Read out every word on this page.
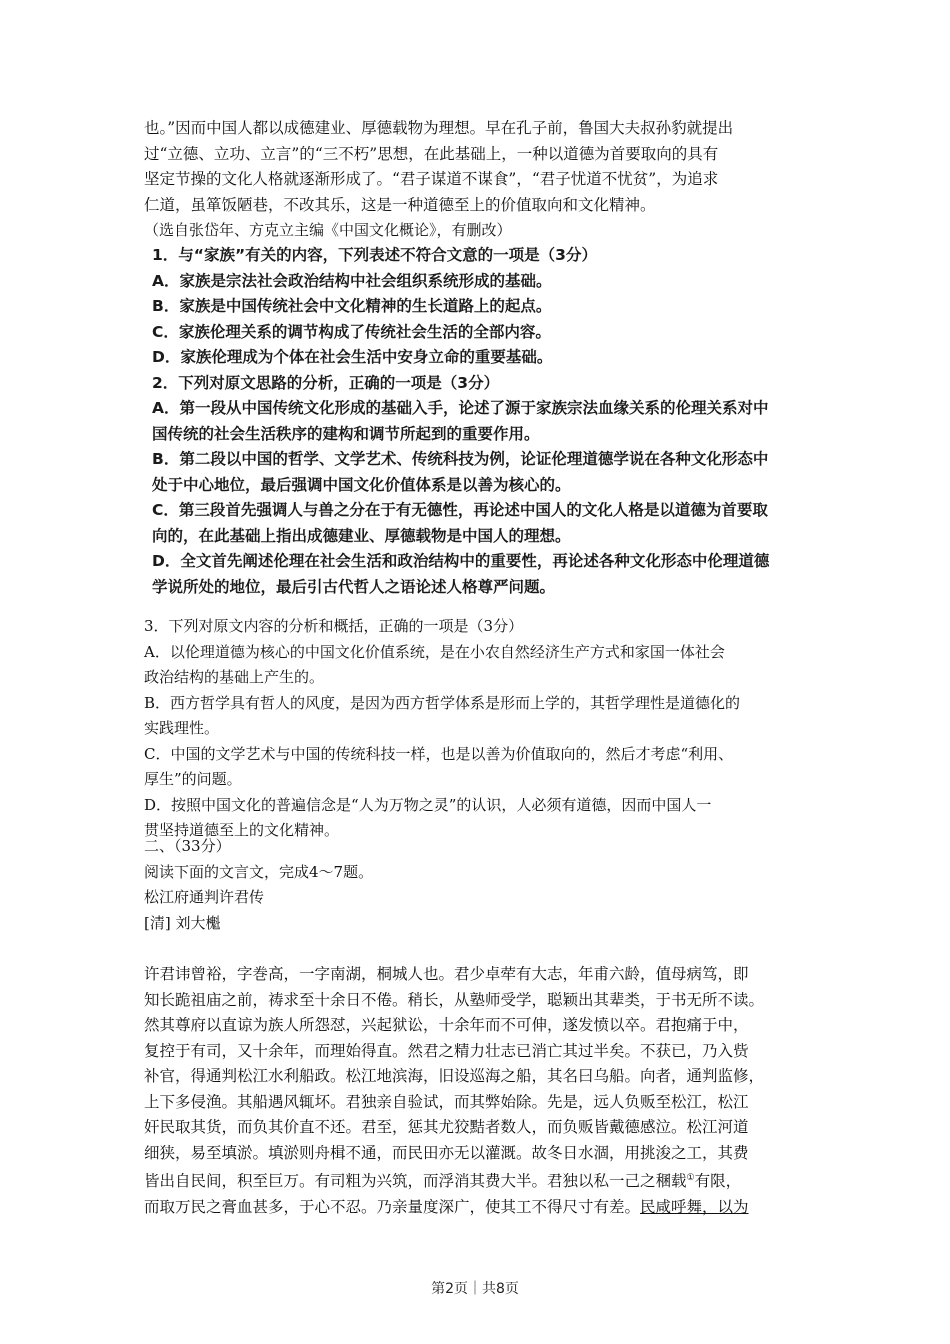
也。”因而中国人都以成德建业、厚德载物为理想。早在孔子前，鲁国大夫叔孙豹就提出
过“立德、立功、立言”的“三不朽”思想，在此基础上，一种以道德为首要取向的具有
坚定节操的文化人格就逐渐形成了。“君子谋道不谋食”，“君子忧道不忧贫”，为追求
仁道，虽箪饭陋巷，不改其乐，这是一种道德至上的价值取向和文化精神。
（选自张岱年、方克立主编《中国文化概论》，有删改）
1．与“家族”有关的内容，下列表述不符合文意的一项是（3分）
A．家族是宗法社会政治结构中社会组织系统形成的基础。
B．家族是中国传统社会中文化精神的生长道路上的起点。
C．家族伦理关系的调节构成了传统社会生活的全部内容。
D．家族伦理成为个体在社会生活中安身立命的重要基础。
2．下列对原文思路的分析，正确的一项是（3分）
A．第一段从中国传统文化形成的基础入手，论述了源于家族宗法血缘关系的伦理关系对中
国传统的社会生活秩序的建构和调节所起到的重要作用。
B．第二段以中国的哲学、文学艺术、传统科技为例，论证伦理道德学说在各种文化形态中
处于中心地位，最后强调中国文化价值体系是以善为核心的。
C．第三段首先强调人与兽之分在于有无德性，再论述中国人的文化人格是以道德为首要取
向的，在此基础上指出成德建业、厚德载物是中国人的理想。
D．全文首先阐述伦理在社会生活和政治结构中的重要性，再论述各种文化形态中伦理道德
学说所处的地位，最后引古代哲人之语论述人格尊严问题。
3．下列对原文内容的分析和概括，正确的一项是（3分）
A．以伦理道德为核心的中国文化价值系统，是在小农自然经济生产方式和家国一体社会
政治结构的基础上产生的。
B．西方哲学具有哲人的风度，是因为西方哲学体系是形而上学的，其哲学理性是道德化的
实践理性。
C．中国的文学艺术与中国的传统科技一样，也是以善为价值取向的，然后才考虑“利用、
厚生”的问题。
D．按照中国文化的普遍信念是“人为万物之灵”的认识，人必须有道德，因而中国人一
贯坚持道德至上的文化精神。
二、（33分）
阅读下面的文言文，完成4～7题。
松江府通判许君传
[清] 刘大櫆
许君讳曾裕，字巻高，一字南湖，桐城人也。君少卓荦有大志，年甫六龄，值母病笃，即
知长跪祖庙之前，祷求至十余日不倦。稍长，从塾师受学，聪颖出其辈类，于书无所不读。
然其尊府以直谅为族人所怨怼，兴起狱讼，十余年而不可伸，遂发愤以卒。君抱痛于中，
复控于有司，又十余年，而理始得直。然君之精力壮志已消亡其过半矣。不获已，乃入赀
补官，得通判松江水利船政。松江地滨海，旧设巡海之船，其名曰乌船。向者，通判监修，
上下多侵渔。其船遇风辄坏。君独亲自验试，而其弊始除。先是，远人负贩至松江，松江
奸民取其货，而负其价直不还。君至，惩其尤狡黠者数人，而负贩皆戴德感泣。松江河道
细狭，易至填淤。填淤则舟楫不通，而民田亦无以灌溉。故冬日水涸，用挑浚之工，其费
皆出自民间，积至巨万。有司粗为兴筑，而浮消其费大半。君独以私一己之稛载①有限，
而取万民之膏血甚多，于心不忍。乃亲量度深广，使其工不得尺寸有差。民咸呼舞，以为
第2页｜共8页
